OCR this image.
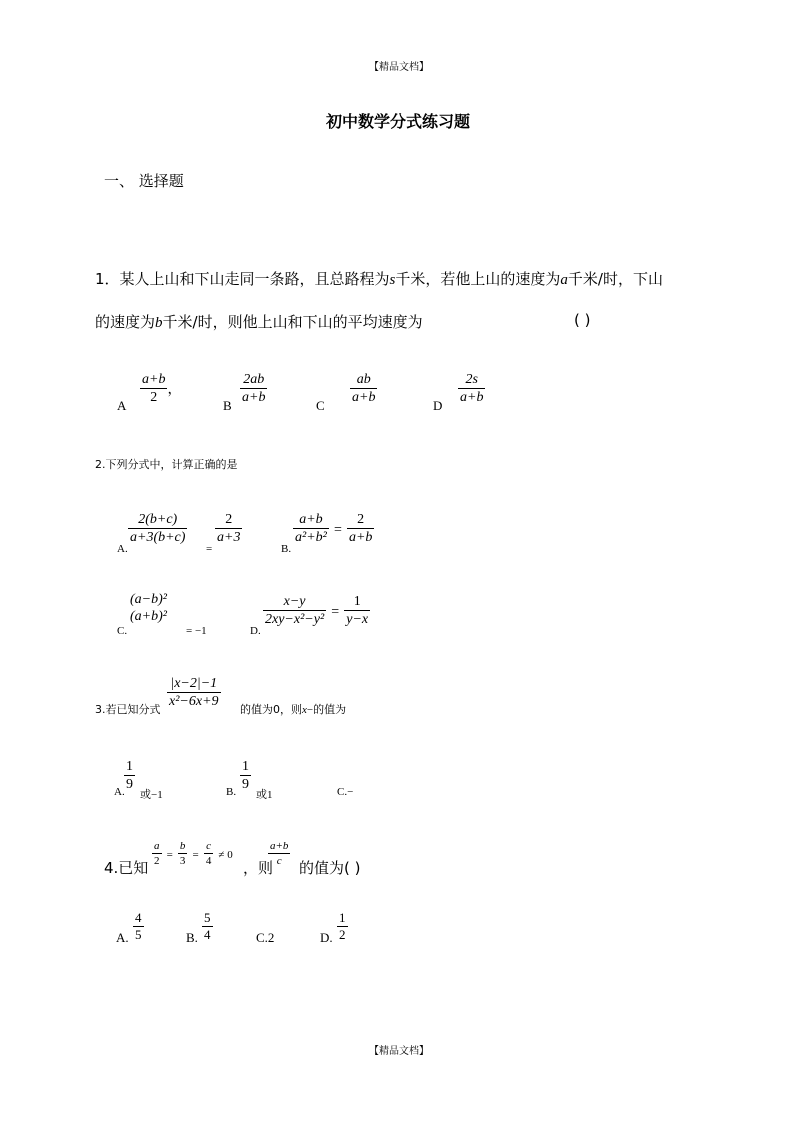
【精品文档】
初中数学分式练习题
一、 选择题
1．某人上山和下山走同一条路，且总路程为s千米，若他上山的速度为a千米/时，下山
的速度为b千米/时，则他上山和下山的平均速度为	( )
A $\frac{a+b}{2}$ ，
B $\frac{2ab}{a+b}$	C $\frac{ab}{a+b}$	D $\frac{2s}{a+b}$
2.下列分式中，计算正确的是
A.
$\frac{2(b+c)}{a+3(b+c)}$
=
$\frac{2}{a+3}$
B.
$\frac{a+b}{\text{a²+b²}} = \frac{2}{a+b}$
C.
(a−b)²
(a+b)²
= −1	D.
$\frac{x-y}{\text{2xy−x²−y²}} = \frac{1}{y-x}$
3.若已知分式 $\frac{|x-2|-1}{\text{x²−6x+9}}$ 的值为0，则x−的值为
A. $\frac{1}{9}$
或−1	B. $\frac{1}{9}$
或1	C.−
4.已知
$\frac{a}{2} = \frac{b}{3} = \frac{c}{4} \ne 0$
，则
$\frac{a+b}{c}$
的值为( )
A. $\frac{4}{5}$	B. $\frac{5}{4}$	C.2	D. $\frac{1}{2}$
【精品文档】
